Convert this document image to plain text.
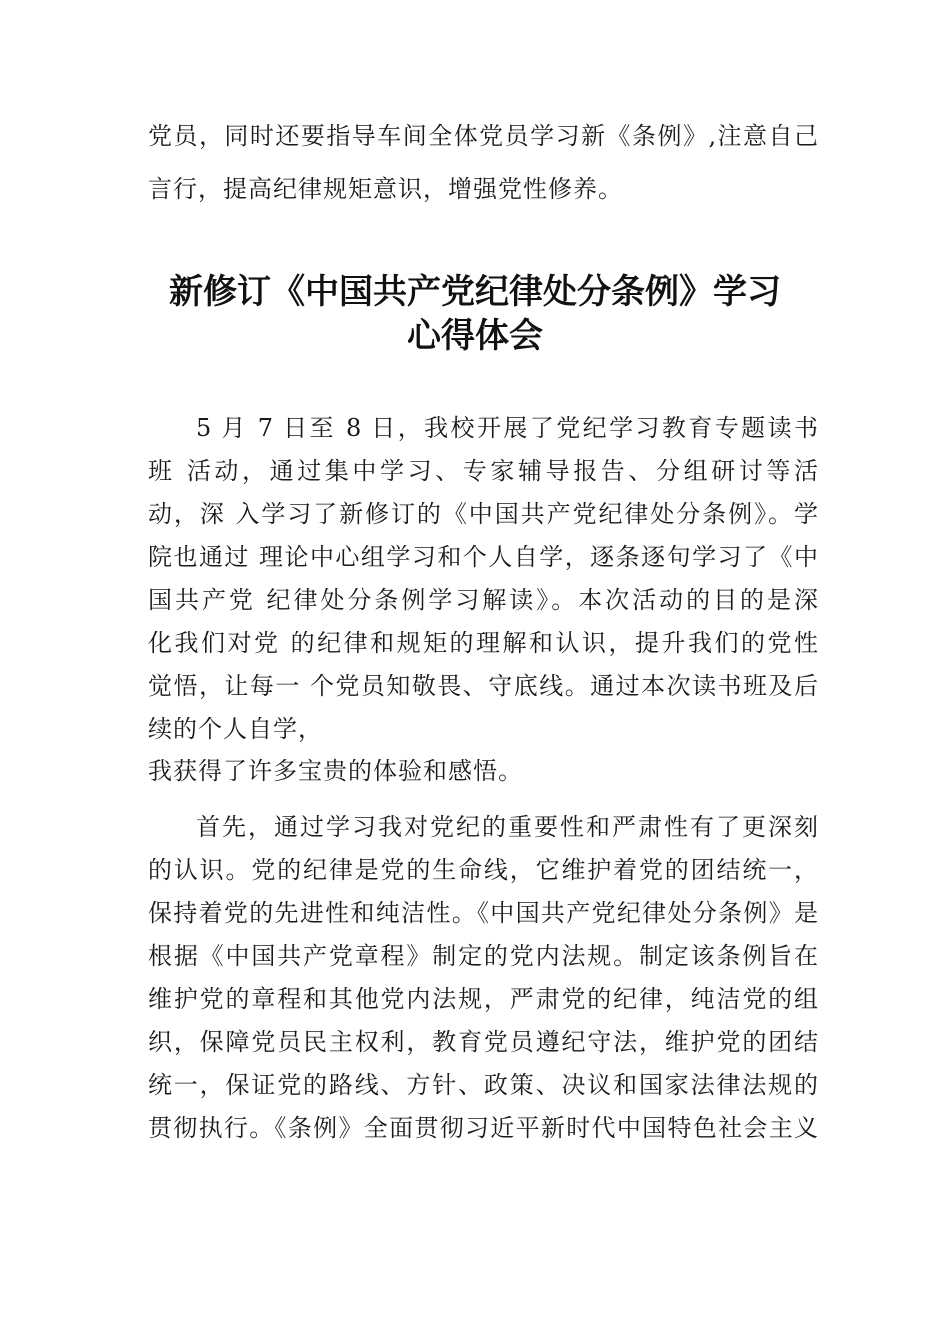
党员，同时还要指导车间全体党员学习新《条例》,注意自己
言行，提高纪律规矩意识，增强党性修养。
新修订《中国共产党纪律处分条例》学习
心得体会
5 月 7 日至 8 日，我校开展了党纪学习教育专题读书
班 活动，通过集中学习、专家辅导报告、分组研讨等活
动，深 入学习了新修订的《中国共产党纪律处分条例》。学
院也通过 理论中心组学习和个人自学，逐条逐句学习了《中
国共产党 纪律处分条例学习解读》。本次活动的目的是深
化我们对党 的纪律和规矩的理解和认识，提升我们的党性
觉悟，让每一 个党员知敬畏、守底线。通过本次读书班及后
续的个人自学，
我获得了许多宝贵的体验和感悟。
首先，通过学习我对党纪的重要性和严肃性有了更深刻
的认识。党的纪律是党的生命线，它维护着党的团结统一，
保持着党的先进性和纯洁性。《中国共产党纪律处分条例》是
根据《中国共产党章程》制定的党内法规。制定该条例旨在
维护党的章程和其他党内法规，严肃党的纪律，纯洁党的组
织，保障党员民主权利，教育党员遵纪守法，维护党的团结
统一，保证党的路线、方针、政策、决议和国家法律法规的
贯彻执行。《条例》全面贯彻习近平新时代中国特色社会主义
